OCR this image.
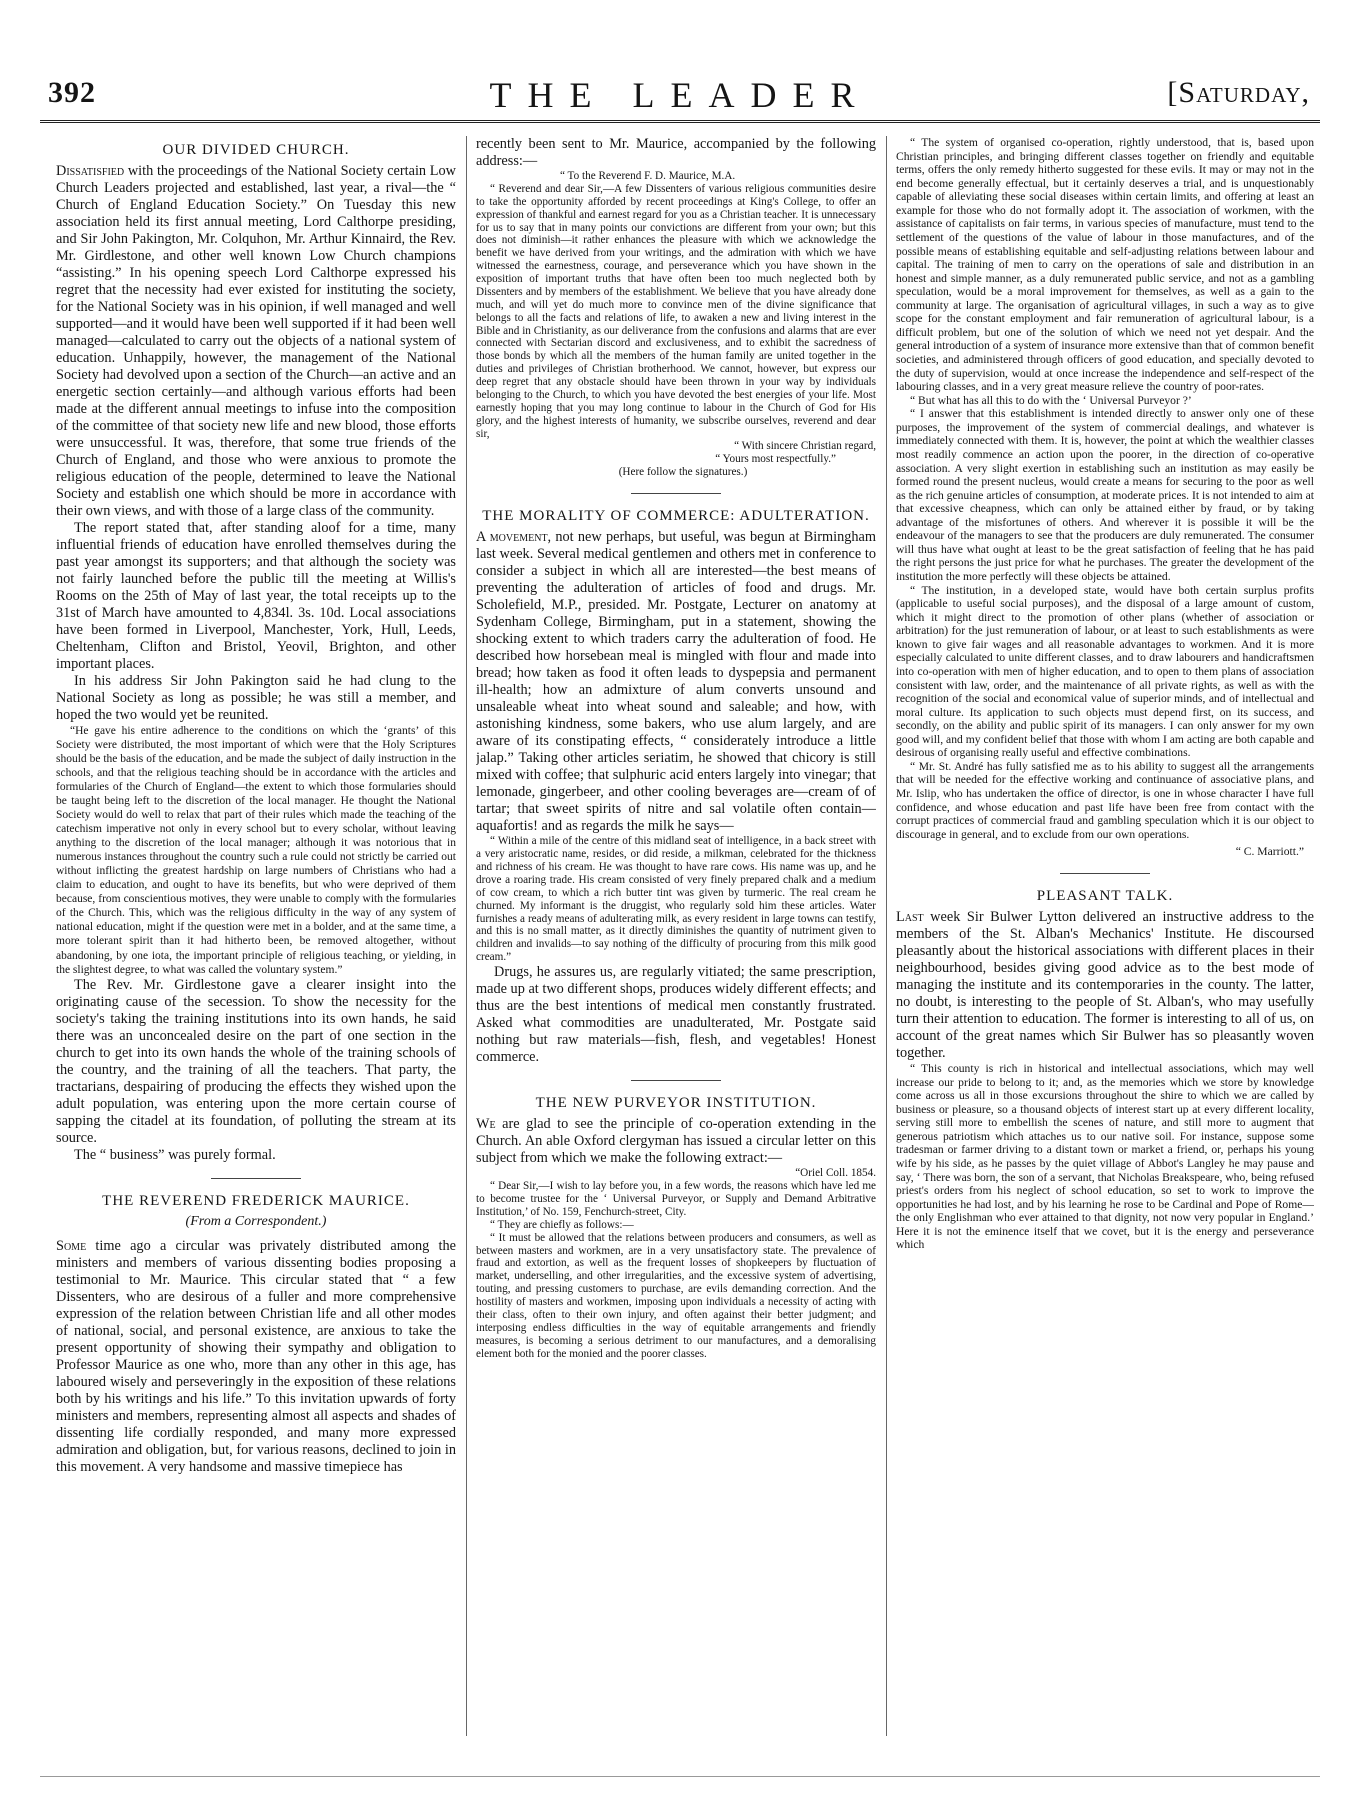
392	THE LEADER	[Saturday,
OUR DIVIDED CHURCH.

Dissatisfied with the proceedings of the National Society certain Low Church Leaders projected and established, last year, a rival—the “ Church of England Education Society.” On Tuesday this new association held its first annual meeting, Lord Calthorpe presiding, and Sir John Pakington, Mr. Colquhon, Mr. Arthur Kinnaird, the Rev. Mr. Girdlestone, and other well known Low Church champions “assisting.” In his opening speech Lord Calthorpe expressed his regret that the necessity had ever existed for instituting the society, for the National Society was in his opinion, if well managed and well supported—and it would have been well supported if it had been well managed—calculated to carry out the objects of a national system of education. Unhappily, however, the management of the National Society had devolved upon a section of the Church—an active and an energetic section certainly—and although various efforts had been made at the different annual meetings to infuse into the composition of the committee of that society new life and new blood, those efforts were unsuccessful. It was, therefore, that some true friends of the Church of England, and those who were anxious to promote the religious education of the people, determined to leave the National Society and establish one which should be more in accordance with their own views, and with those of a large class of the community.

The report stated that, after standing aloof for a time, many influential friends of education have enrolled themselves during the past year amongst its supporters; and that although the society was not fairly launched before the public till the meeting at Willis's Rooms on the 25th of May of last year, the total receipts up to the 31st of March have amounted to 4,834l. 3s. 10d. Local associations have been formed in Liverpool, Manchester, York, Hull, Leeds, Cheltenham, Clifton and Bristol, Yeovil, Brighton, and other important places.

In his address Sir John Pakington said he had clung to the National Society as long as possible; he was still a member, and hoped the two would yet be reunited.

“He gave his entire adherence to the conditions on which the ‘grants’ of this Society were distributed, the most important of which were that the Holy Scriptures should be the basis of the education, and be made the subject of daily instruction in the schools, and that the religious teaching should be in accordance with the articles and formularies of the Church of England—the extent to which those formularies should be taught being left to the discretion of the local manager. He thought the National Society would do well to relax that part of their rules which made the teaching of the catechism imperative not only in every school but to every scholar, without leaving anything to the discretion of the local manager; although it was notorious that in numerous instances throughout the country such a rule could not strictly be carried out without inflicting the greatest hardship on large numbers of Christians who had a claim to education, and ought to have its benefits, but who were deprived of them because, from conscientious motives, they were unable to comply with the formularies of the Church. This, which was the religious difficulty in the way of any system of national education, might if the question were met in a bolder, and at the same time, a more tolerant spirit than it had hitherto been, be removed altogether, without abandoning, by one iota, the important principle of religious teaching, or yielding, in the slightest degree, to what was called the voluntary system.”

The Rev. Mr. Girdlestone gave a clearer insight into the originating cause of the secession. To show the necessity for the society's taking the training institutions into its own hands, he said there was an unconcealed desire on the part of one section in the church to get into its own hands the whole of the training schools of the country, and the training of all the teachers. That party, the tractarians, despairing of producing the effects they wished upon the adult population, was entering upon the more certain course of sapping the citadel at its foundation, of polluting the stream at its source.

The “ business” was purely formal.

THE REVEREND FREDERICK MAURICE.

(From a Correspondent.)

Some time ago a circular was privately distributed among the ministers and members of various dissenting bodies proposing a testimonial to Mr. Maurice. This circular stated that “ a few Dissenters, who are desirous of a fuller and more comprehensive expression of the relation between Christian life and all other modes of national, social, and personal existence, are anxious to take the present opportunity of showing their sympathy and obligation to Professor Maurice as one who, more than any other in this age, has laboured wisely and perseveringly in the exposition of these relations both by his writings and his life.” To this invitation upwards of forty ministers and members, representing almost all aspects and shades of dissenting life cordially responded, and many more expressed admiration and obligation, but, for various reasons, declined to join in this movement. A very handsome and massive timepiece has

recently been sent to Mr. Maurice, accompanied by the following address:—

“ To the Reverend F. D. Maurice, M.A.

“ Reverend and dear Sir,—A few Dissenters of various religious communities desire to take the opportunity afforded by recent proceedings at King's College, to offer an expression of thankful and earnest regard for you as a Christian teacher. It is unnecessary for us to say that in many points our convictions are different from your own; but this does not diminish—it rather enhances the pleasure with which we acknowledge the benefit we have derived from your writings, and the admiration with which we have witnessed the earnestness, courage, and perseverance which you have shown in the exposition of important truths that have often been too much neglected both by Dissenters and by members of the establishment. We believe that you have already done much, and will yet do much more to convince men of the divine significance that belongs to all the facts and relations of life, to awaken a new and living interest in the Bible and in Christianity, as our deliverance from the confusions and alarms that are ever connected with Sectarian discord and exclusiveness, and to exhibit the sacredness of those bonds by which all the members of the human family are united together in the duties and privileges of Christian brotherhood. We cannot, however, but express our deep regret that any obstacle should have been thrown in your way by individuals belonging to the Church, to which you have devoted the best energies of your life. Most earnestly hoping that you may long continue to labour in the Church of God for His glory, and the highest interests of humanity, we subscribe ourselves, reverend and dear sir,

“ With sincere Christian regard,

“ Yours most respectfully.”

(Here follow the signatures.)

THE MORALITY OF COMMERCE: ADULTERATION.

A movement, not new perhaps, but useful, was begun at Birmingham last week. Several medical gentlemen and others met in conference to consider a subject in which all are interested—the best means of preventing the adulteration of articles of food and drugs. Mr. Scholefield, M.P., presided. Mr. Postgate, Lecturer on anatomy at Sydenham College, Birmingham, put in a statement, showing the shocking extent to which traders carry the adulteration of food. He described how horsebean meal is mingled with flour and made into bread; how taken as food it often leads to dyspepsia and permanent ill-health; how an admixture of alum converts unsound and unsaleable wheat into wheat sound and saleable; and how, with astonishing kindness, some bakers, who use alum largely, and are aware of its constipating effects, “ considerately introduce a little jalap.” Taking other articles seriatim, he showed that chicory is still mixed with coffee; that sulphuric acid enters largely into vinegar; that lemonade, gingerbeer, and other cooling beverages are—cream of of tartar; that sweet spirits of nitre and sal volatile often contain—aquafortis! and as regards the milk he says—

“ Within a mile of the centre of this midland seat of intelligence, in a back street with a very aristocratic name, resides, or did reside, a milkman, celebrated for the thickness and richness of his cream. He was thought to have rare cows. His name was up, and he drove a roaring trade. His cream consisted of very finely prepared chalk and a medium of cow cream, to which a rich butter tint was given by turmeric. The real cream he churned. My informant is the druggist, who regularly sold him these articles. Water furnishes a ready means of adulterating milk, as every resident in large towns can testify, and this is no small matter, as it directly diminishes the quantity of nutriment given to children and invalids—to say nothing of the difficulty of procuring from this milk good cream.”

Drugs, he assures us, are regularly vitiated; the same prescription, made up at two different shops, produces widely different effects; and thus are the best intentions of medical men constantly frustrated. Asked what commodities are unadulterated, Mr. Postgate said nothing but raw materials—fish, flesh, and vegetables! Honest commerce.

THE NEW PURVEYOR INSTITUTION.

We are glad to see the principle of co-operation extending in the Church. An able Oxford clergyman has issued a circular letter on this subject from which we make the following extract:—

“Oriel Coll. 1854.

“ Dear Sir,—I wish to lay before you, in a few words, the reasons which have led me to become trustee for the ‘ Universal Purveyor, or Supply and Demand Arbitrative Institution,’ of No. 159, Fenchurch-street, City.

“ They are chiefly as follows:—

“ It must be allowed that the relations between producers and consumers, as well as between masters and workmen, are in a very unsatisfactory state. The prevalence of fraud and extortion, as well as the frequent losses of shopkeepers by fluctuation of market, underselling, and other irregularities, and the excessive system of advertising, touting, and pressing customers to purchase, are evils demanding correction. And the hostility of masters and workmen, imposing upon individuals a necessity of acting with their class, often to their own injury, and often against their better judgment; and interposing endless difficulties in the way of equitable arrangements and friendly measures, is becoming a serious detriment to our manufactures, and a demoralising element both for the monied and the poorer classes.

“ The system of organised co-operation, rightly understood, that is, based upon Christian principles, and bringing different classes together on friendly and equitable terms, offers the only remedy hitherto suggested for these evils. It may or may not in the end become generally effectual, but it certainly deserves a trial, and is unquestionably capable of alleviating these social diseases within certain limits, and offering at least an example for those who do not formally adopt it. The association of workmen, with the assistance of capitalists on fair terms, in various species of manufacture, must tend to the settlement of the questions of the value of labour in those manufactures, and of the possible means of establishing equitable and self-adjusting relations between labour and capital. The training of men to carry on the operations of sale and distribution in an honest and simple manner, as a duly remunerated public service, and not as a gambling speculation, would be a moral improvement for themselves, as well as a gain to the community at large. The organisation of agricultural villages, in such a way as to give scope for the constant employment and fair remuneration of agricultural labour, is a difficult problem, but one of the solution of which we need not yet despair. And the general introduction of a system of insurance more extensive than that of common benefit societies, and administered through officers of good education, and specially devoted to the duty of supervision, would at once increase the independence and self-respect of the labouring classes, and in a very great measure relieve the country of poor-rates.

“ But what has all this to do with the ‘ Universal Purveyor ?’

“ I answer that this establishment is intended directly to answer only one of these purposes, the improvement of the system of commercial dealings, and whatever is immediately connected with them. It is, however, the point at which the wealthier classes most readily commence an action upon the poorer, in the direction of co-operative association. A very slight exertion in establishing such an institution as may easily be formed round the present nucleus, would create a means for securing to the poor as well as the rich genuine articles of consumption, at moderate prices. It is not intended to aim at that excessive cheapness, which can only be attained either by fraud, or by taking advantage of the misfortunes of others. And wherever it is possible it will be the endeavour of the managers to see that the producers are duly remunerated. The consumer will thus have what ought at least to be the great satisfaction of feeling that he has paid the right persons the just price for what he purchases. The greater the development of the institution the more perfectly will these objects be attained.

“ The institution, in a developed state, would have both certain surplus profits (applicable to useful social purposes), and the disposal of a large amount of custom, which it might direct to the promotion of other plans (whether of association or arbitration) for the just remuneration of labour, or at least to such establishments as were known to give fair wages and all reasonable advantages to workmen. And it is more especially calculated to unite different classes, and to draw labourers and handicraftsmen into co-operation with men of higher education, and to open to them plans of association consistent with law, order, and the maintenance of all private rights, as well as with the recognition of the social and economical value of superior minds, and of intellectual and moral culture. Its application to such objects must depend first, on its success, and secondly, on the ability and public spirit of its managers. I can only answer for my own good will, and my confident belief that those with whom I am acting are both capable and desirous of organising really useful and effective combinations.

“ Mr. St. André has fully satisfied me as to his ability to suggest all the arrangements that will be needed for the effective working and continuance of associative plans, and Mr. Islip, who has undertaken the office of director, is one in whose character I have full confidence, and whose education and past life have been free from contact with the corrupt practices of commercial fraud and gambling speculation which it is our object to discourage in general, and to exclude from our own operations.

“ C. Marriott.”

PLEASANT TALK.

Last week Sir Bulwer Lytton delivered an instructive address to the members of the St. Alban's Mechanics' Institute. He discoursed pleasantly about the historical associations with different places in their neighbourhood, besides giving good advice as to the best mode of managing the institute and its contemporaries in the county. The latter, no doubt, is interesting to the people of St. Alban's, who may usefully turn their attention to education. The former is interesting to all of us, on account of the great names which Sir Bulwer has so pleasantly woven together.

“ This county is rich in historical and intellectual associations, which may well increase our pride to belong to it; and, as the memories which we store by knowledge come across us all in those excursions throughout the shire to which we are called by business or pleasure, so a thousand objects of interest start up at every different locality, serving still more to embellish the scenes of nature, and still more to augment that generous patriotism which attaches us to our native soil. For instance, suppose some tradesman or farmer driving to a distant town or market a friend, or, perhaps his young wife by his side, as he passes by the quiet village of Abbot's Langley he may pause and say, ‘ There was born, the son of a servant, that Nicholas Breakspeare, who, being refused priest's orders from his neglect of school education, so set to work to improve the opportunities he had lost, and by his learning he rose to be Cardinal and Pope of Rome—the only Englishman who ever attained to that dignity, not now very popular in England.’ Here it is not the eminence itself that we covet, but it is the energy and perseverance which
